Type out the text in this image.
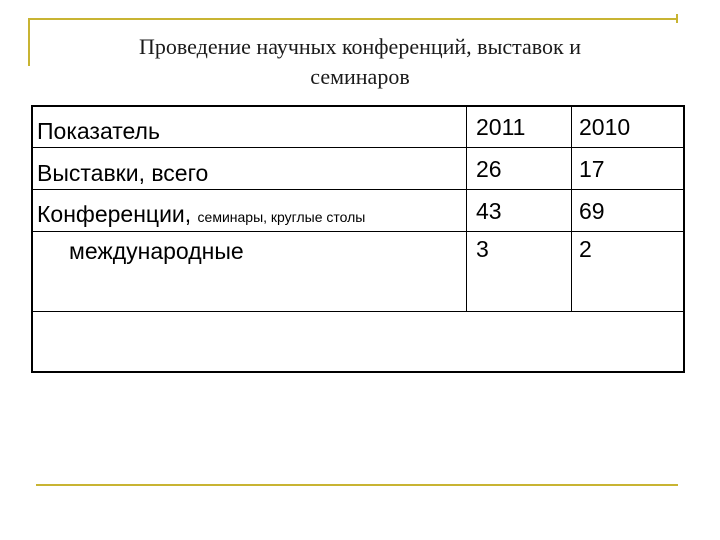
Проведение научных конференций, выставок и
семинаров
Показатель	2011 2010
Выставки, всего	26	17
Конференции, семинары, круглые столы	43	69
международные	3	2
